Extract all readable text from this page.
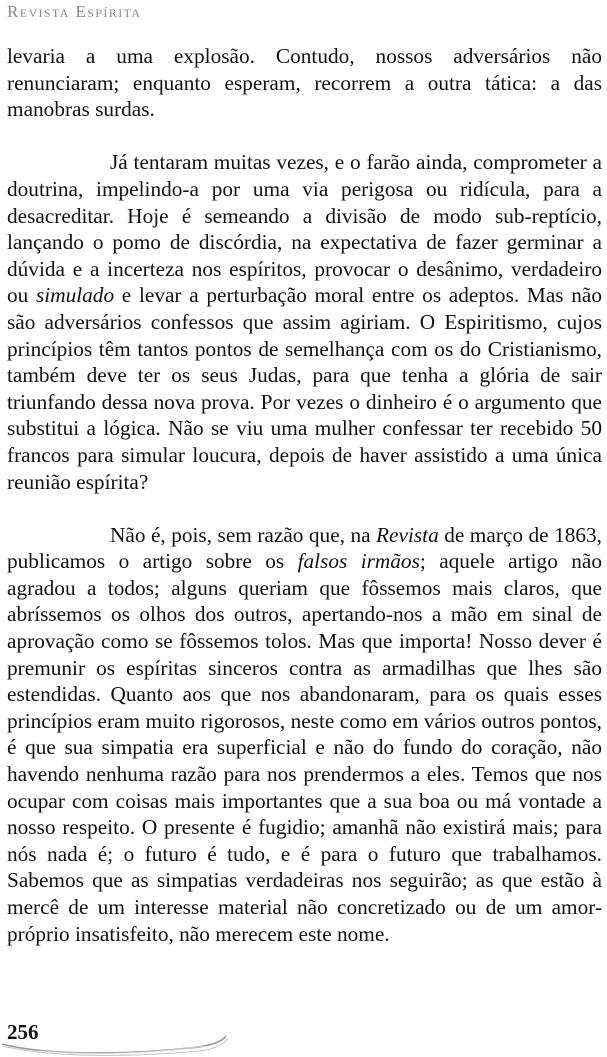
Revista Espírita

levaria a uma explosão. Contudo, nossos adversários não renunciaram; enquanto esperam, recorrem a outra tática: a das manobras surdas.

Já tentaram muitas vezes, e o farão ainda, comprometer a doutrina, impelindo-a por uma via perigosa ou ridícula, para a desacreditar. Hoje é semeando a divisão de modo sub-reptício, lançando o pomo de discórdia, na expectativa de fazer germinar a dúvida e a incerteza nos espíritos, provocar o desânimo, verdadeiro ou simulado e levar a perturbação moral entre os adeptos. Mas não são adversários confessos que assim agiriam. O Espiritismo, cujos princípios têm tantos pontos de semelhança com os do Cristianismo, também deve ter os seus Judas, para que tenha a glória de sair triunfando dessa nova prova. Por vezes o dinheiro é o argumento que substitui a lógica. Não se viu uma mulher confessar ter recebido 50 francos para simular loucura, depois de haver assistido a uma única reunião espírita?

Não é, pois, sem razão que, na Revista de março de 1863, publicamos o artigo sobre os falsos irmãos; aquele artigo não agradou a todos; alguns queriam que fôssemos mais claros, que abríssemos os olhos dos outros, apertando-nos a mão em sinal de aprovação como se fôssemos tolos. Mas que importa! Nosso dever é premunir os espíritas sinceros contra as armadilhas que lhes são estendidas. Quanto aos que nos abandonaram, para os quais esses princípios eram muito rigorosos, neste como em vários outros pontos, é que sua simpatia era superficial e não do fundo do coração, não havendo nenhuma razão para nos prendermos a eles. Temos que nos ocupar com coisas mais importantes que a sua boa ou má vontade a nosso respeito. O presente é fugidio; amanhã não existirá mais; para nós nada é; o futuro é tudo, e é para o futuro que trabalhamos. Sabemos que as simpatias verdadeiras nos seguirão; as que estão à mercê de um interesse material não concretizado ou de um amor-próprio insatisfeito, não merecem este nome.

256
